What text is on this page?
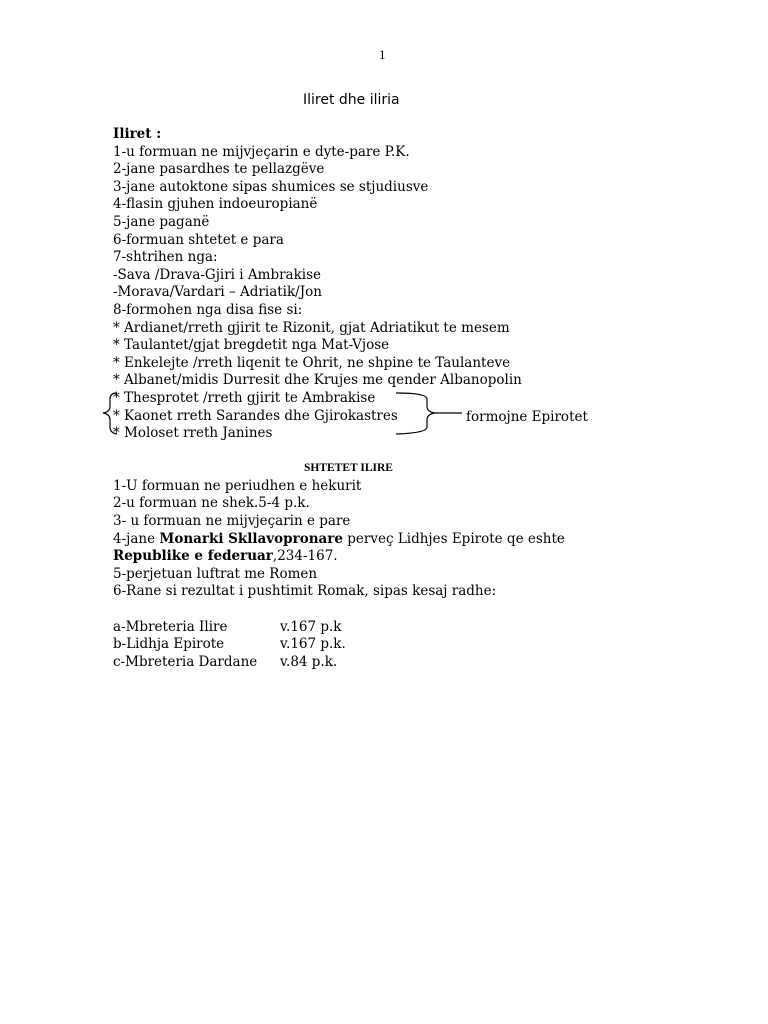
1
Iliret dhe iliria
Iliret :
1-u formuan ne mijvjeçarin e dyte-pare P.K.
2-jane pasardhes te pellazgëve
3-jane autoktone sipas shumices se stjudiusve
4-flasin gjuhen indoeuropianë
5-jane paganë
6-formuan shtetet e para
7-shtrihen nga:
-Sava /Drava-Gjiri i Ambrakise
-Morava/Vardari – Adriatik/Jon
8-formohen nga disa fise si:
* Ardianet/rreth gjirit te Rizonit, gjat Adriatikut te mesem
* Taulantet/gjat bregdetit nga Mat-Vjose
* Enkelejte /rreth liqenit te Ohrit, ne shpine te Taulanteve
* Albanet/midis Durresit dhe Krujes me qender Albanopolin
* Thesprotet /rreth gjirit te Ambrakise
* Kaonet rreth Sarandes dhe Gjirokastres
* Moloset rreth Janines
SHTETET ILIRE
1-U formuan ne periudhen e hekurit
2-u formuan ne shek.5-4 p.k.
3- u formuan ne mijvjeçarin e pare
4-jane Monarki Skllavopronare perveç Lidhjes Epirote qe eshte
Republike e federuar,234-167.
5-perjetuan luftrat me Romen
6-Rane si rezultat i pushtimit Romak, sipas kesaj radhe:
a-Mbreteria Ilire	v.167 p.k
b-Lidhja Epirote	v.167 p.k.
c-Mbreteria Dardane v.84 p.k.
formojne Epirotet
